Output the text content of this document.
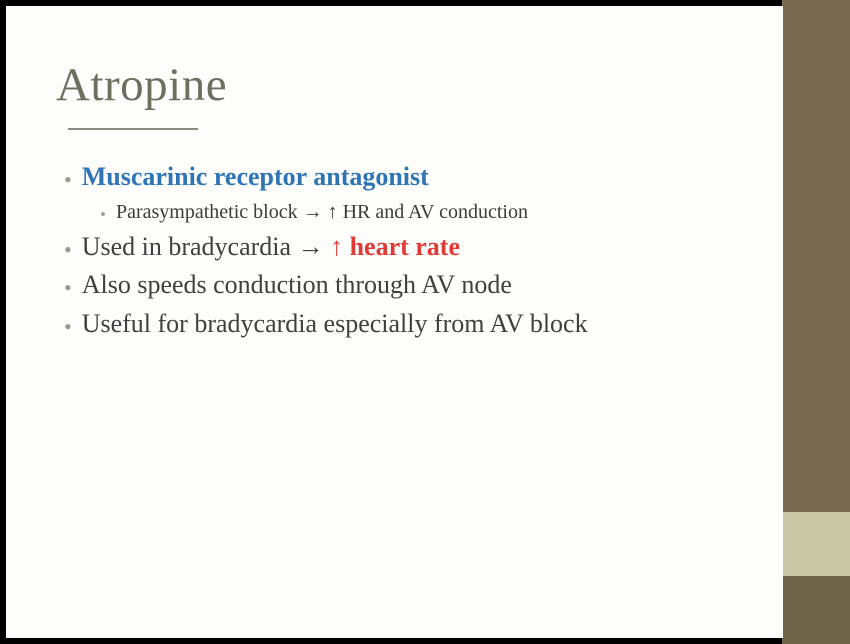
Atropine
• Muscarinic receptor antagonist
• Parasympathetic block → ↑ HR and AV conduction
• Used in bradycardia → ↑ heart rate
• Also speeds conduction through AV node
• Useful for bradycardia especially from AV block
